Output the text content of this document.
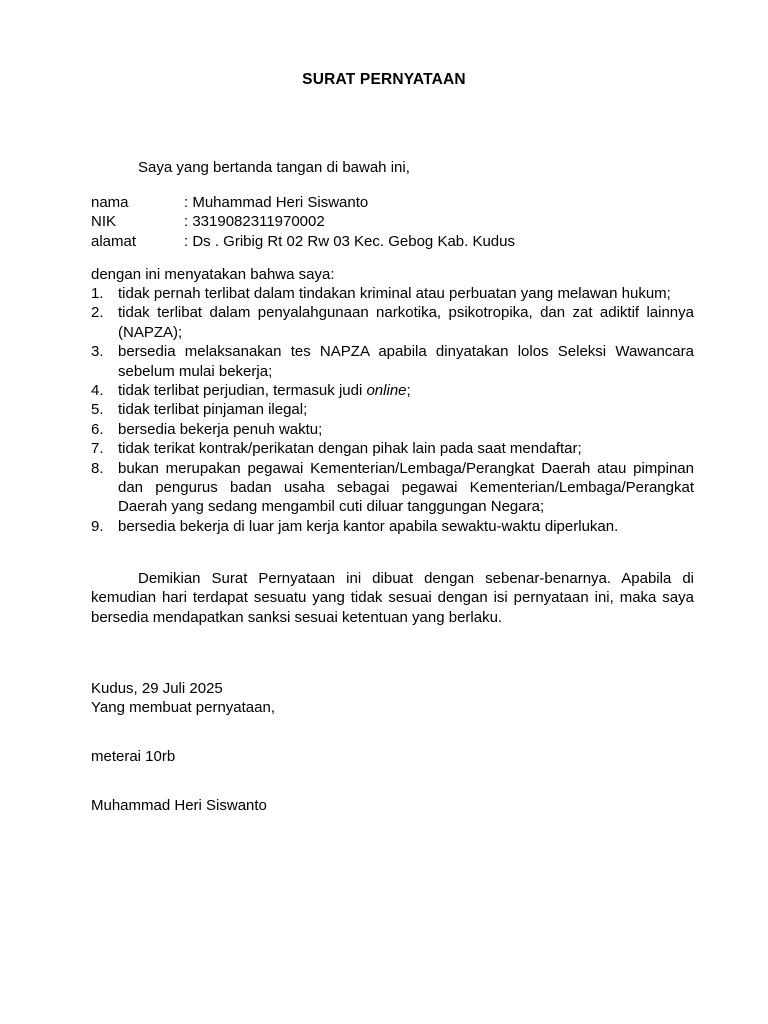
SURAT PERNYATAAN
Saya yang bertanda tangan di bawah ini,
nama	: Muhammad Heri Siswanto
NIK	: 3319082311970002
alamat	: Ds . Gribig Rt 02 Rw 03 Kec. Gebog Kab. Kudus
dengan ini menyatakan bahwa saya:
1. tidak pernah terlibat dalam tindakan kriminal atau perbuatan yang melawan hukum;
2. tidak terlibat dalam penyalahgunaan narkotika, psikotropika, dan zat adiktif lainnya (NAPZA);
3. bersedia melaksanakan tes NAPZA apabila dinyatakan lolos Seleksi Wawancara sebelum mulai bekerja;
4. tidak terlibat perjudian, termasuk judi online;
5. tidak terlibat pinjaman ilegal;
6. bersedia bekerja penuh waktu;
7. tidak terikat kontrak/perikatan dengan pihak lain pada saat mendaftar;
8. bukan merupakan pegawai Kementerian/Lembaga/Perangkat Daerah atau pimpinan dan pengurus badan usaha sebagai pegawai Kementerian/Lembaga/Perangkat Daerah yang sedang mengambil cuti diluar tanggungan Negara;
9. bersedia bekerja di luar jam kerja kantor apabila sewaktu-waktu diperlukan.
Demikian Surat Pernyataan ini dibuat dengan sebenar-benarnya. Apabila di kemudian hari terdapat sesuatu yang tidak sesuai dengan isi pernyataan ini, maka saya bersedia mendapatkan sanksi sesuai ketentuan yang berlaku.
Kudus, 29 Juli 2025
Yang membuat pernyataan,
meterai 10rb
Muhammad Heri Siswanto
